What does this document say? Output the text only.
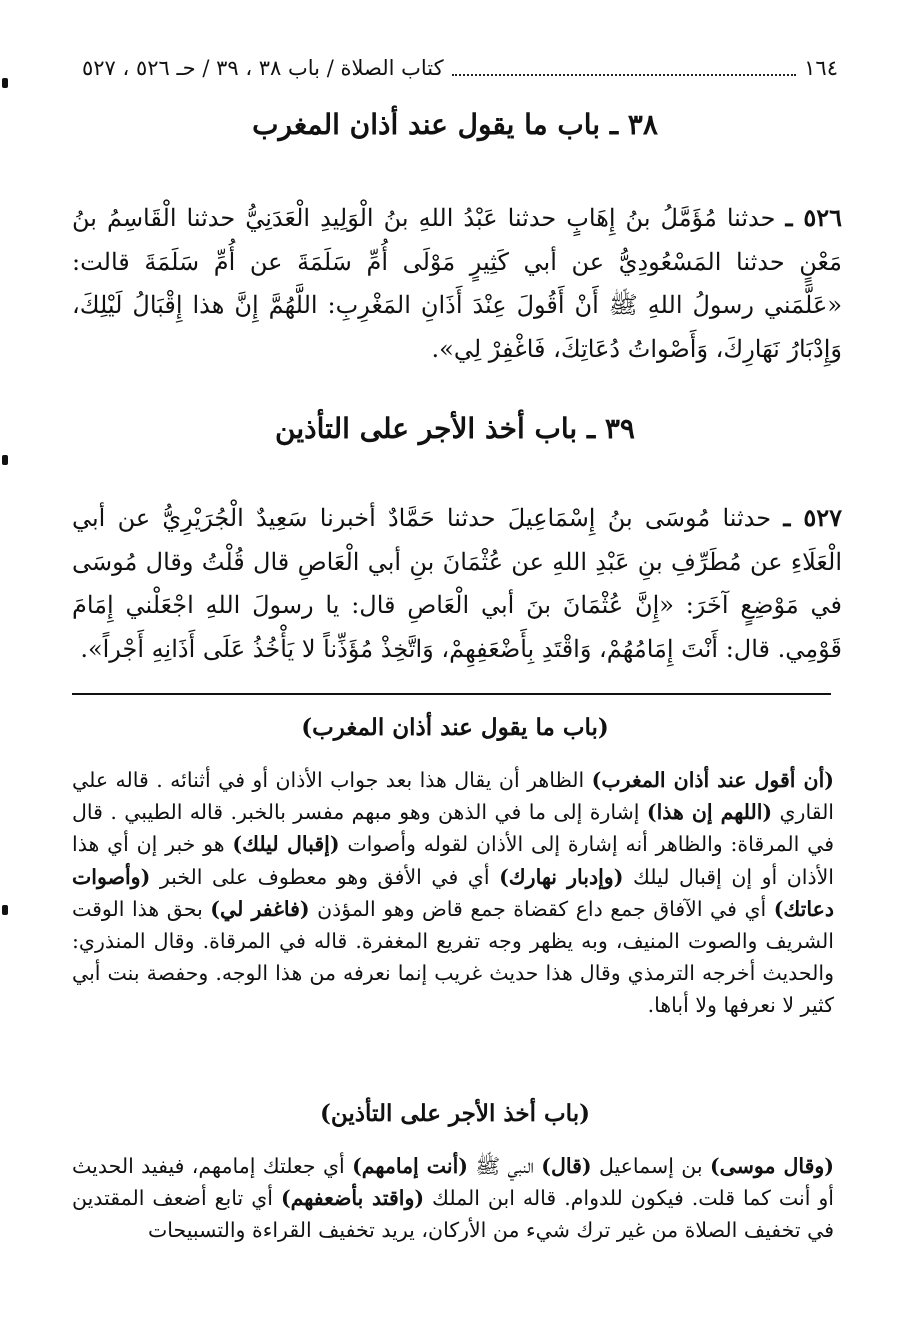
١٦٤
كتاب الصلاة / باب ٣٨ ، ٣٩ / حـ ٥٢٦ ، ٥٢٧
٣٨ ـ باب ما يقول عند أذان المغرب

٥٢٦ ـ حدثنا مُؤَمَّلُ بنُ إِهَابٍ حدثنا عَبْدُ اللهِ بنُ الْوَلِيدِ الْعَدَنِيُّ حدثنا الْقَاسِمُ بنُ مَعْنٍ حدثنا المَسْعُودِيُّ عن أبي كَثِيرٍ مَوْلَى أُمِّ سَلَمَةَ عن أُمِّ سَلَمَةَ قالت: «عَلَّمَني رسولُ اللهِ ﷺ أَنْ أَقُولَ عِنْدَ أَذَانِ المَغْرِبِ: اللَّهُمَّ إِنَّ هذا إِقْبَالُ لَيْلِكَ، وَإِدْبَارُ نَهَارِكَ، وَأَصْواتُ دُعَاتِكَ، فَاغْفِرْ لِي».

٣٩ ـ باب أخذ الأجر على التأذين

٥٢٧ ـ حدثنا مُوسَى بنُ إِسْمَاعِيلَ حدثنا حَمَّادٌ أخبرنا سَعِيدٌ الْجُرَيْرِيُّ عن أبي الْعَلَاءِ عن مُطَرِّفِ بنِ عَبْدِ اللهِ عن عُثْمَانَ بنِ أبي الْعَاصِ قال قُلْتُ وقال مُوسَى في مَوْضِعٍ آخَرَ: «إِنَّ عُثْمَانَ بنَ أبي الْعَاصِ قال: يا رسولَ اللهِ اجْعَلْني إِمَامَ قَوْمِي. قال: أَنْتَ إِمَامُهُمْ، وَاقْتَدِ بِأَضْعَفِهِمْ، وَاتَّخِذْ مُؤَذِّناً لا يَأْخُذُ عَلَى أَذَانِهِ أَجْراً».

(باب ما يقول عند أذان المغرب)

(أن أقول عند أذان المغرب) الظاهر أن يقال هذا بعد جواب الأذان أو في أثنائه . قاله علي القاري (اللهم إن هذا) إشارة إلى ما في الذهن وهو مبهم مفسر بالخبر. قاله الطيبي . قال في المرقاة: والظاهر أنه إشارة إلى الأذان لقوله وأصوات (إقبال ليلك) هو خبر إن أي هذا الأذان أو إن إقبال ليلك (وإدبار نهارك) أي في الأفق وهو معطوف على الخبر (وأصوات دعاتك) أي في الآفاق جمع داع كقضاة جمع قاض وهو المؤذن (فاغفر لي) بحق هذا الوقت الشريف والصوت المنيف، وبه يظهر وجه تفريع المغفرة. قاله في المرقاة. وقال المنذري: والحديث أخرجه الترمذي وقال هذا حديث غريب إنما نعرفه من هذا الوجه. وحفصة بنت أبي كثير لا نعرفها ولا أباها.

(باب أخذ الأجر على التأذين)

(وقال موسى) بن إسماعيل (قال) النبي ﷺ (أنت إمامهم) أي جعلتك إمامهم، فيفيد الحديث أو أنت كما قلت. فيكون للدوام. قاله ابن الملك (واقتد بأضعفهم) أي تابع أضعف المقتدين في تخفيف الصلاة من غير ترك شيء من الأركان، يريد تخفيف القراءة والتسبيحات
